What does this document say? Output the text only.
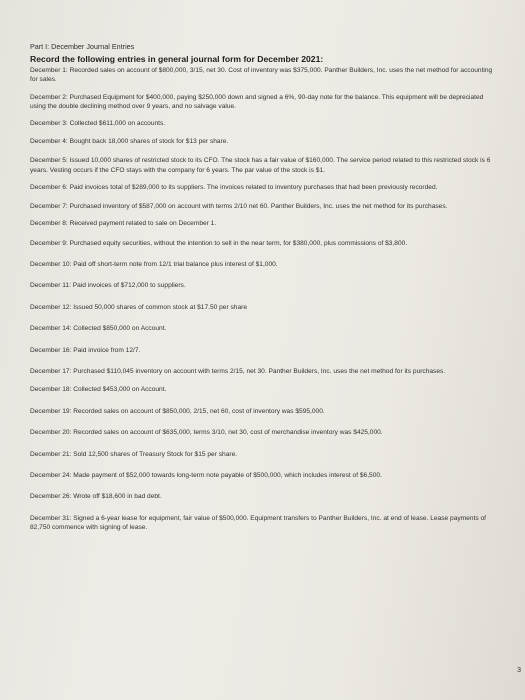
Part I: December Journal Entries
Record the following entries in general journal form for December 2021:
December 1: Recorded sales on account of $800,000, 3/15, net 30. Cost of inventory was $375,000. Panther Builders, Inc. uses the net method for accounting for sales.
December 2: Purchased Equipment for $400,000, paying $250,000 down and signed a 6%, 90-day note for the balance. This equipment will be depreciated using the double declining method over 9 years, and no salvage value.
December 3: Collected $611,000 on accounts.
December 4: Bought back 18,000 shares of stock for $13 per share.
December 5: Issued 10,000 shares of restricted stock to its CFO. The stock has a fair value of $160,000. The service period related to this restricted stock is 6 years. Vesting occurs if the CFO stays with the company for 6 years. The par value of the stock is $1.
December 6: Paid invoices total of $289,000 to its suppliers. The invoices related to inventory purchases that had been previously recorded.
December 7: Purchased inventory of $587,000 on account with terms 2/10 net 60. Panther Builders, Inc. uses the net method for its purchases.
December 8: Received payment related to sale on December 1.
December 9: Purchased equity securities, without the intention to sell in the near term, for $380,000, plus commissions of $3,800.
December 10: Paid off short-term note from 12/1 trial balance plus interest of $1,000.
December 11: Paid invoices of $712,000 to suppliers.
December 12: Issued 50,000 shares of common stock at $17.50 per share
December 14: Collected $850,000 on Account.
December 16: Paid invoice from 12/7.
December 17: Purchased $110,045 inventory on account with terms 2/15, net 30. Panther Builders, Inc. uses the net method for its purchases.
December 18: Collected $453,000 on Account.
December 19: Recorded sales on account of $850,000, 2/15, net 60, cost of inventory was $595,000.
December 20: Recorded sales on account of $635,000, terms 3/10, net 30, cost of merchandise inventory was $425,000.
December 21: Sold 12,500 shares of Treasury Stock for $15 per share.
December 24: Made payment of $52,000 towards long-term note payable of $500,000, which includes interest of $6,500.
December 26: Wrote off $18,600 in bad debt.
December 31: Signed a 6-year lease for equipment, fair value of $500,000. Equipment transfers to Panther Builders, Inc. at end of lease. Lease payments of 82,750 commence with signing of lease.
3
